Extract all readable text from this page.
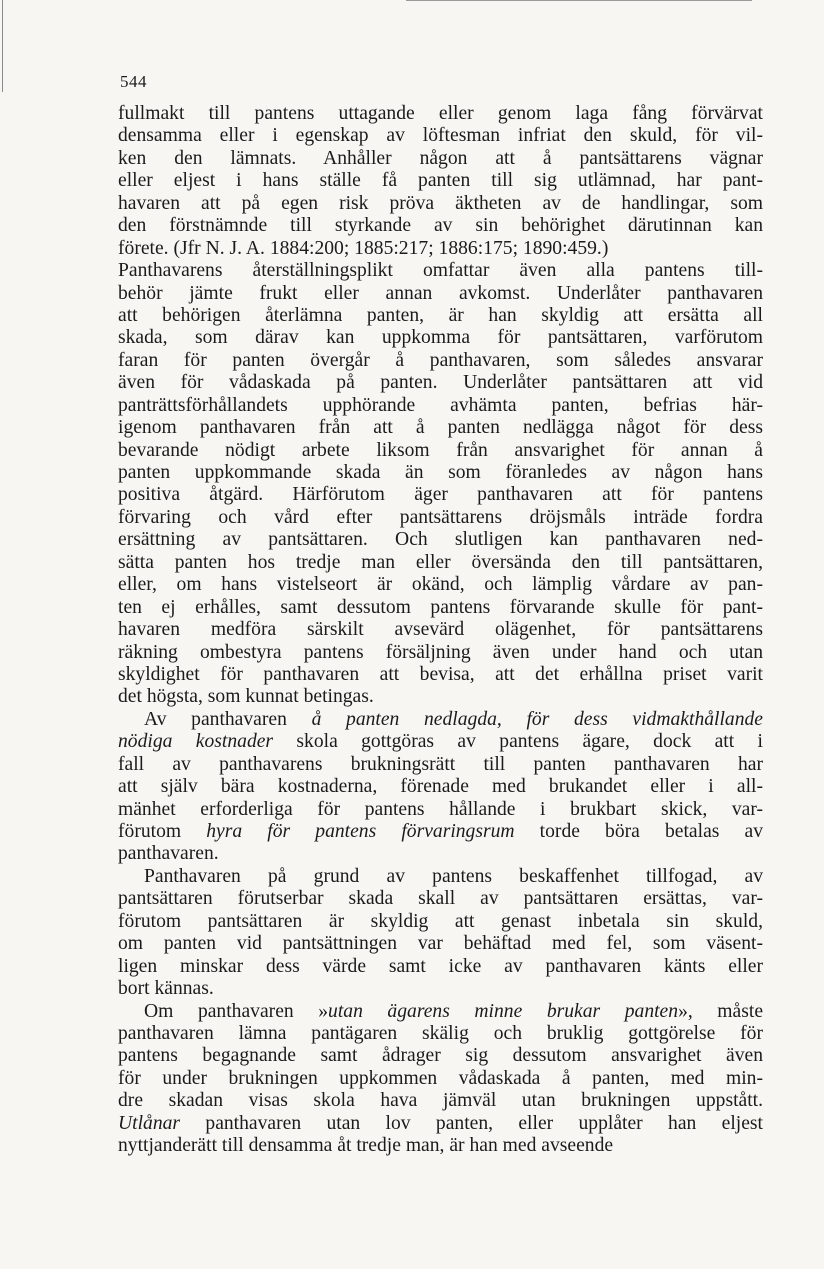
544
fullmakt till pantens uttagande eller genom laga fång förvärvat
densamma eller i egenskap av löftesman infriat den skuld, för vil-
ken den lämnats. Anhåller någon att å pantsättarens vägnar
eller eljest i hans ställe få panten till sig utlämnad, har pant-
havaren att på egen risk pröva äktheten av de handlingar, som
den förstnämnde till styrkande av sin behörighet därutinnan kan
förete. (Jfr N. J. A. 1884:200; 1885:217; 1886:175; 1890:459.)
Panthavarens återställningsplikt omfattar även alla pantens till-
behör jämte frukt eller annan avkomst. Underlåter panthavaren
att behörigen återlämna panten, är han skyldig att ersätta all
skada, som därav kan uppkomma för pantsättaren, varförutom
faran för panten övergår å panthavaren, som således ansvarar
även för vådaskada på panten. Underlåter pantsättaren att vid
panträttsförhållandets upphörande avhämta panten, befrias här-
igenom panthavaren från att å panten nedlägga något för dess
bevarande nödigt arbete liksom från ansvarighet för annan å
panten uppkommande skada än som föranledes av någon hans
positiva åtgärd. Härförutom äger panthavaren att för pantens
förvaring och vård efter pantsättarens dröjsmåls inträde fordra
ersättning av pantsättaren. Och slutligen kan panthavaren ned-
sätta panten hos tredje man eller översända den till pantsättaren,
eller, om hans vistelseort är okänd, och lämplig vårdare av pan-
ten ej erhålles, samt dessutom pantens förvarande skulle för pant-
havaren medföra särskilt avsevärd olägenhet, för pantsättarens
räkning ombestyra pantens försäljning även under hand och utan
skyldighet för panthavaren att bevisa, att det erhållna priset varit
det högsta, som kunnat betingas.
Av panthavaren å panten nedlagda, för dess vidmakthållande
nödiga kostnader skola gottgöras av pantens ägare, dock att i
fall av panthavarens brukningsrätt till panten panthavaren har
att själv bära kostnaderna, förenade med brukandet eller i all-
mänhet erforderliga för pantens hållande i brukbart skick, var-
förutom hyra för pantens förvaringsrum torde böra betalas av
panthavaren.
Panthavaren på grund av pantens beskaffenhet tillfogad, av
pantsättaren förutserbar skada skall av pantsättaren ersättas, var-
förutom pantsättaren är skyldig att genast inbetala sin skuld,
om panten vid pantsättningen var behäftad med fel, som väsent-
ligen minskar dess värde samt icke av panthavaren känts eller
bort kännas.
Om panthavaren »utan ägarens minne brukar panten», måste
panthavaren lämna pantägaren skälig och bruklig gottgörelse för
pantens begagnande samt ådrager sig dessutom ansvarighet även
för under brukningen uppkommen vådaskada å panten, med min-
dre skadan visas skola hava jämväl utan brukningen uppstått.
Utlånar panthavaren utan lov panten, eller upplåter han eljest
nyttjanderätt till densamma åt tredje man, är han med avseende
